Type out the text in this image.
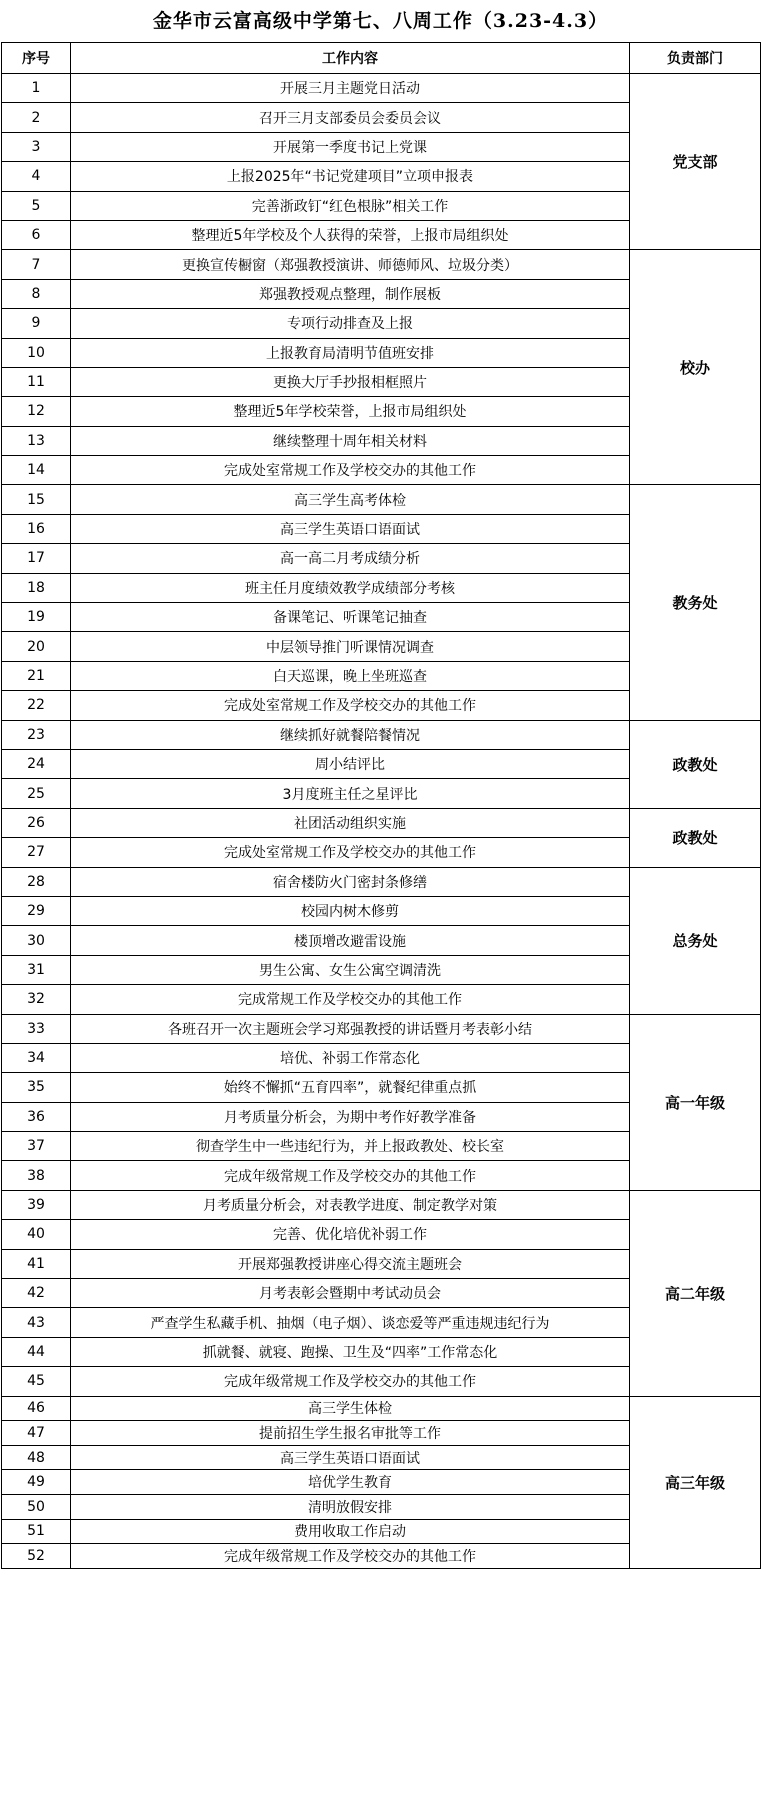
金华市云富高级中学第七、八周工作（3.23-4.3）
序号	工作内容	负责部门
1	开展三月主题党日活动	党支部
2	召开三月支部委员会委员会议	
3	开展第一季度书记上党课	
4	上报2025年“书记党建项目”立项申报表	
5	完善浙政钉“红色根脉”相关工作	
6	整理近5年学校及个人获得的荣誉，上报市局组织处	
7	更换宣传橱窗（郑强教授演讲、师德师风、垃圾分类）	校办
8	郑强教授观点整理，制作展板	
9	专项行动排查及上报	
10	上报教育局清明节值班安排	
11	更换大厅手抄报相框照片	
12	整理近5年学校荣誉，上报市局组织处	
13	继续整理十周年相关材料	
14	完成处室常规工作及学校交办的其他工作	
15	高三学生高考体检	教务处
16	高三学生英语口语面试	
17	高一高二月考成绩分析	
18	班主任月度绩效教学成绩部分考核	
19	备课笔记、听课笔记抽查	
20	中层领导推门听课情况调查	
21	白天巡课，晚上坐班巡查	
22	完成处室常规工作及学校交办的其他工作	
23	继续抓好就餐陪餐情况	政教处
24	周小结评比	
25	3月度班主任之星评比	
26	社团活动组织实施	政教处
27	完成处室常规工作及学校交办的其他工作	
28	宿舍楼防火门密封条修缮	总务处
29	校园内树木修剪	
30	楼顶增改避雷设施	
31	男生公寓、女生公寓空调清洗	
32	完成常规工作及学校交办的其他工作	
33	各班召开一次主题班会学习郑强教授的讲话暨月考表彰小结	高一年级
34	培优、补弱工作常态化	
35	始终不懈抓“五育四率”，就餐纪律重点抓	
36	月考质量分析会，为期中考作好教学准备	
37	彻查学生中一些违纪行为，并上报政教处、校长室	
38	完成年级常规工作及学校交办的其他工作	
39	月考质量分析会，对表教学进度、制定教学对策	高二年级
40	完善、优化培优补弱工作	
41	开展郑强教授讲座心得交流主题班会	
42	月考表彰会暨期中考试动员会	
43	严查学生私藏手机、抽烟（电子烟）、谈恋爱等严重违规违纪行为	
44	抓就餐、就寝、跑操、卫生及“四率”工作常态化	
45	完成年级常规工作及学校交办的其他工作	
46	高三学生体检	高三年级
47	提前招生学生报名审批等工作	
48	高三学生英语口语面试	
49	培优学生教育	
50	清明放假安排	
51	费用收取工作启动	
52	完成年级常规工作及学校交办的其他工作	
